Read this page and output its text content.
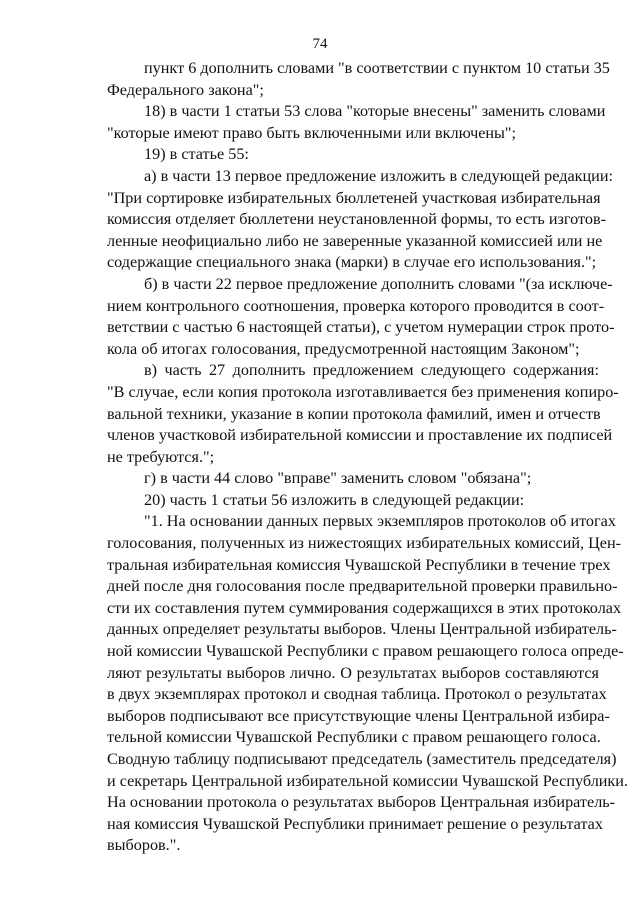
74
пункт 6 дополнить словами "в соответствии с пунктом 10 статьи 35
Федерального закона";
18) в части 1 статьи 53 слова "которые внесены" заменить словами
"которые имеют право быть включенными или включены";
19) в статье 55:
а) в части 13 первое предложение изложить в следующей редакции:
"При сортировке избирательных бюллетеней участковая избирательная
комиссия отделяет бюллетени неустановленной формы, то есть изготов-
ленные неофициально либо не заверенные указанной комиссией или не
содержащие специального знака (марки) в случае его использования.";
б) в части 22 первое предложение дополнить словами "(за исключе-
нием контрольного соотношения, проверка которого проводится в соот-
ветствии с частью 6 настоящей статьи), с учетом нумерации строк прото-
кола об итогах голосования, предусмотренной настоящим Законом";
в) часть 27 дополнить предложением следующего содержания:
"В случае, если копия протокола изготавливается без применения копиро-
вальной техники, указание в копии протокола фамилий, имен и отчеств
членов участковой избирательной комиссии и проставление их подписей
не требуются.";
г) в части 44 слово "вправе" заменить словом "обязана";
20) часть 1 статьи 56 изложить в следующей редакции:
"1. На основании данных первых экземпляров протоколов об итогах
голосования, полученных из нижестоящих избирательных комиссий, Цен-
тральная избирательная комиссия Чувашской Республики в течение трех
дней после дня голосования после предварительной проверки правильно-
сти их составления путем суммирования содержащихся в этих протоколах
данных определяет результаты выборов. Члены Центральной избиратель-
ной комиссии Чувашской Республики с правом решающего голоса опреде-
ляют результаты выборов лично. О результатах выборов составляются
в двух экземплярах протокол и сводная таблица. Протокол о результатах
выборов подписывают все присутствующие члены Центральной избира-
тельной комиссии Чувашской Республики с правом решающего голоса.
Сводную таблицу подписывают председатель (заместитель председателя)
и секретарь Центральной избирательной комиссии Чувашской Республики.
На основании протокола о результатах выборов Центральная избиратель-
ная комиссия Чувашской Республики принимает решение о результатах
выборов.".
